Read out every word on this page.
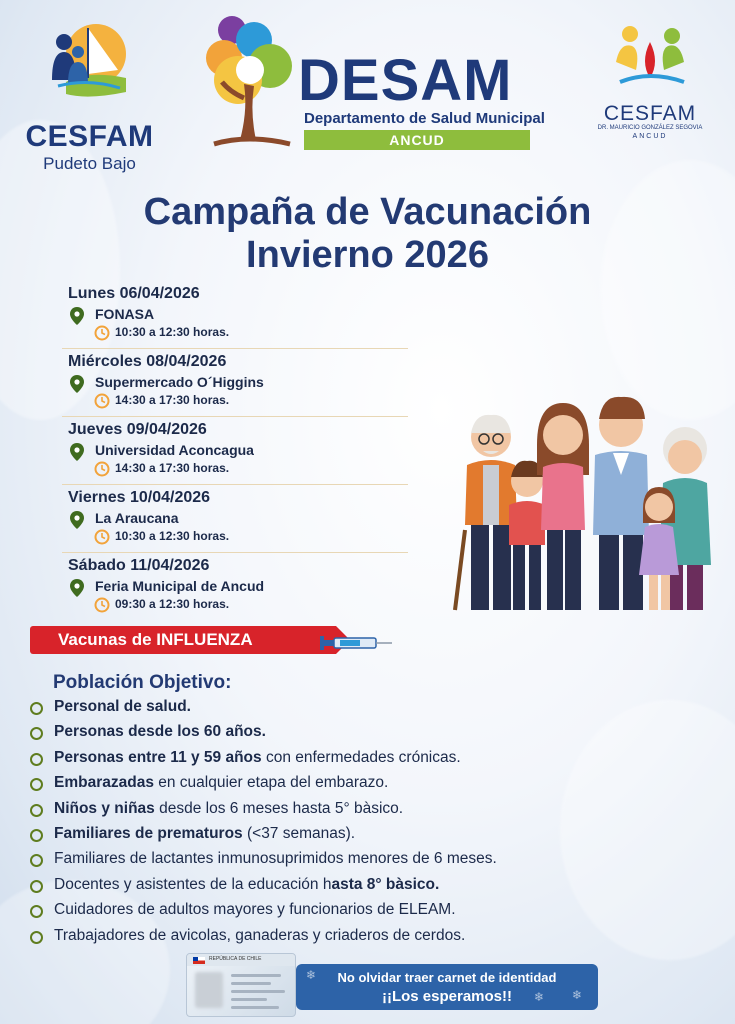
CESFAM
Pudeto Bajo
DESAM
Departamento de Salud Municipal
ANCUD
CESFAM
DR. MAURICIO GONZÁLEZ SEGOVIA
ANCUD
Campaña de Vacunación
Invierno 2026
Lunes 06/04/2026
FONASA
10:30 a 12:30 horas.
Miércoles 08/04/2026
Supermercado O´Higgins
14:30 a 17:30 horas.
Jueves 09/04/2026
Universidad Aconcagua
14:30 a 17:30 horas.
Viernes 10/04/2026
La Araucana
10:30 a 12:30 horas.
Sábado 11/04/2026
Feria Municipal de Ancud
09:30 a 12:30 horas.
Vacunas de INFLUENZA
Población Objetivo:
Personal de salud.
Personas desde los 60 años.
Personas entre 11 y 59 años con enfermedades crónicas.
Embarazadas en cualquier etapa del embarazo.
Niños y niñas desde los 6 meses hasta 5° bàsico.
Familiares de prematuros (<37 semanas).
Familiares de lactantes inmunosuprimidos menores de 6 meses.
Docentes y asistentes de la educación hasta 8° bàsico.
Cuidadores de adultos mayores y funcionarios de ELEAM.
Trabajadores de avicolas, ganaderas y criaderos de cerdos.
REPÚBLICA DE CHILE
❄
❄
❄
No olvidar traer carnet de identidad
¡¡Los esperamos!!
